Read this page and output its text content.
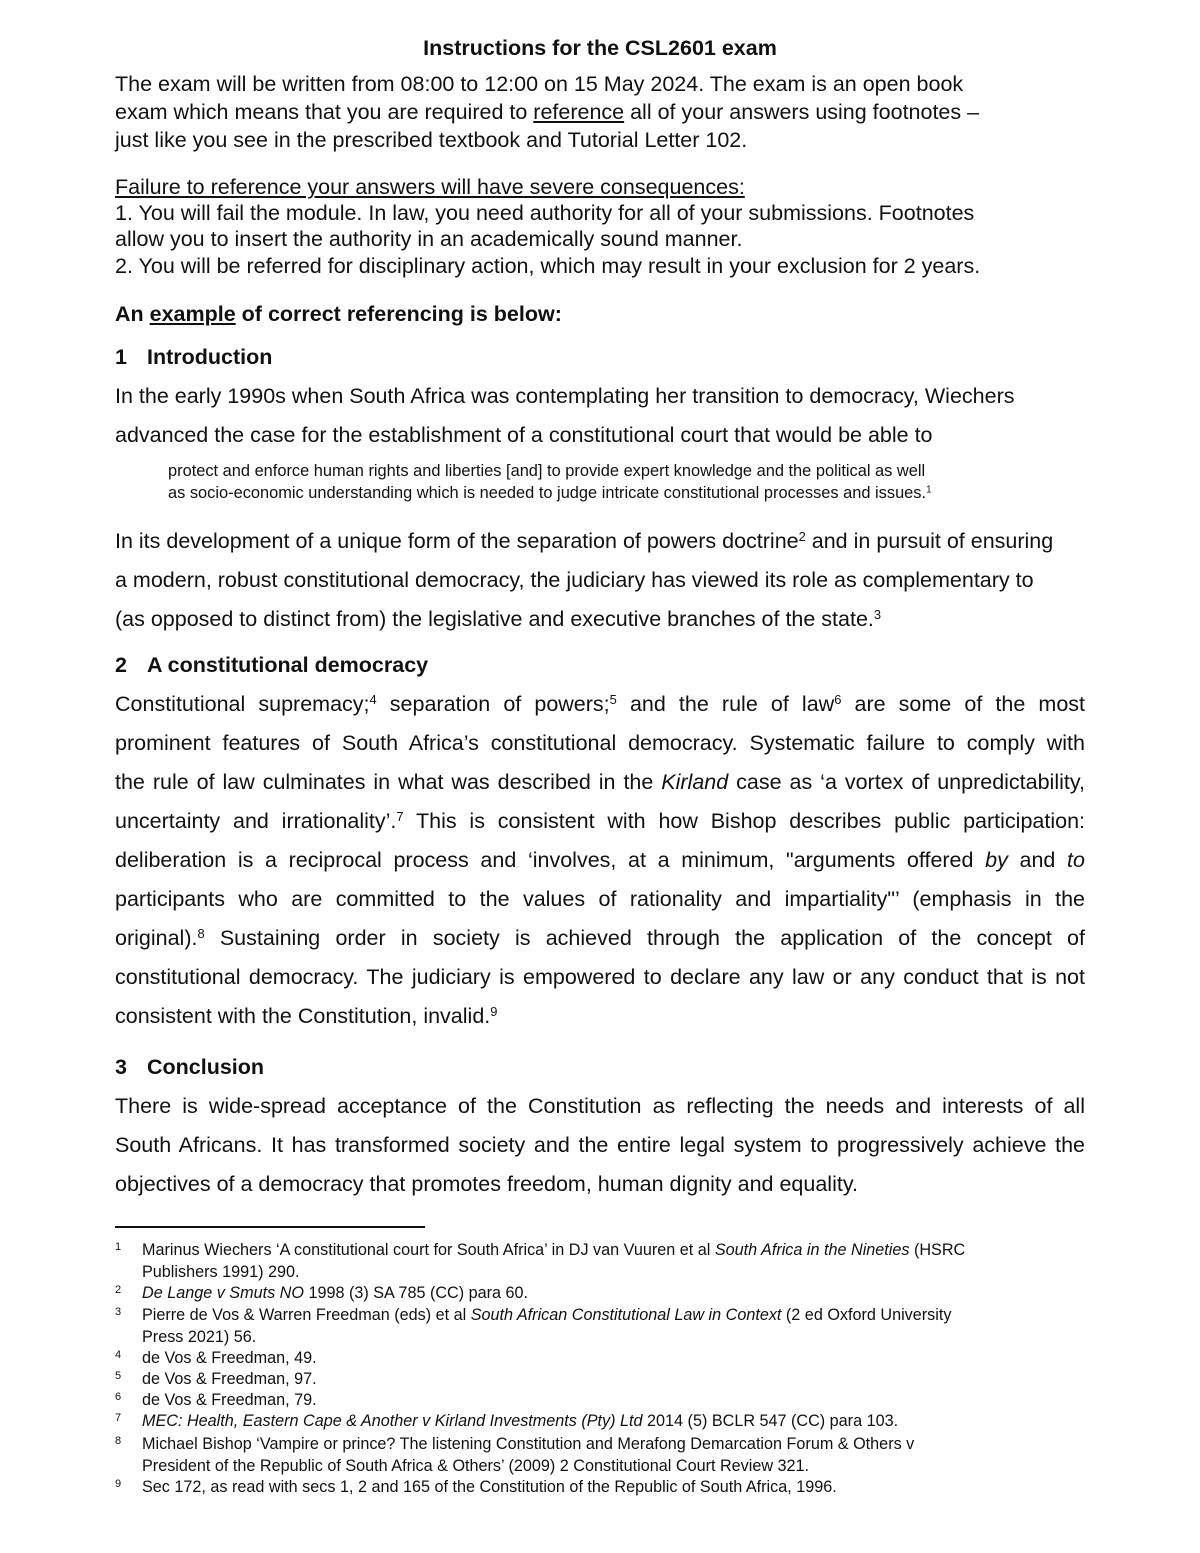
Instructions for the CSL2601 exam
The exam will be written from 08:00 to 12:00 on 15 May 2024. The exam is an open book
exam which means that you are required to reference all of your answers using footnotes –
just like you see in the prescribed textbook and Tutorial Letter 102.
Failure to reference your answers will have severe consequences:
1. You will fail the module. In law, you need authority for all of your submissions. Footnotes
allow you to insert the authority in an academically sound manner.
2. You will be referred for disciplinary action, which may result in your exclusion for 2 years.
An example of correct referencing is below:
1 Introduction
In the early 1990s when South Africa was contemplating her transition to democracy, Wiechers
advanced the case for the establishment of a constitutional court that would be able to
protect and enforce human rights and liberties [and] to provide expert knowledge and the political as well
as socio-economic understanding which is needed to judge intricate constitutional processes and issues.$^1$
In its development of a unique form of the separation of powers doctrine$^2$ and in pursuit of ensuring
a modern, robust constitutional democracy, the judiciary has viewed its role as complementary to
(as opposed to distinct from) the legislative and executive branches of the state.$^3$
2 A constitutional democracy
Constitutional supremacy;$^4$ separation of powers;$^5$ and the rule of law$^6$ are some of the most
prominent features of South Africa’s constitutional democracy. Systematic failure to comply with
the rule of law culminates in what was described in the Kirland case as ‘a vortex of unpredictability,
uncertainty and irrationality’.$^7$ This is consistent with how Bishop describes public participation:
deliberation is a reciprocal process and ‘involves, at a minimum, "arguments offered by and to
participants who are committed to the values of rationality and impartiality"’ (emphasis in the
original).$^8$ Sustaining order in society is achieved through the application of the concept of
constitutional democracy. The judiciary is empowered to declare any law or any conduct that is not
consistent with the Constitution, invalid.$^9$
3 Conclusion
There is wide-spread acceptance of the Constitution as reflecting the needs and interests of all
South Africans. It has transformed society and the entire legal system to progressively achieve the
objectives of a democracy that promotes freedom, human dignity and equality.
1 Marinus Wiechers ‘A constitutional court for South Africa’ in DJ van Vuuren et al South Africa in the Nineties (HSRC
Publishers 1991) 290.
2 De Lange v Smuts NO 1998 (3) SA 785 (CC) para 60.
3 Pierre de Vos & Warren Freedman (eds) et al South African Constitutional Law in Context (2 ed Oxford University
Press 2021) 56.
4 de Vos & Freedman, 49.
5 de Vos & Freedman, 97.
6 de Vos & Freedman, 79.
7 MEC: Health, Eastern Cape & Another v Kirland Investments (Pty) Ltd 2014 (5) BCLR 547 (CC) para 103.
8 Michael Bishop ‘Vampire or prince? The listening Constitution and Merafong Demarcation Forum & Others v
President of the Republic of South Africa & Others’ (2009) 2 Constitutional Court Review 321.
9 Sec 172, as read with secs 1, 2 and 165 of the Constitution of the Republic of South Africa, 1996.
